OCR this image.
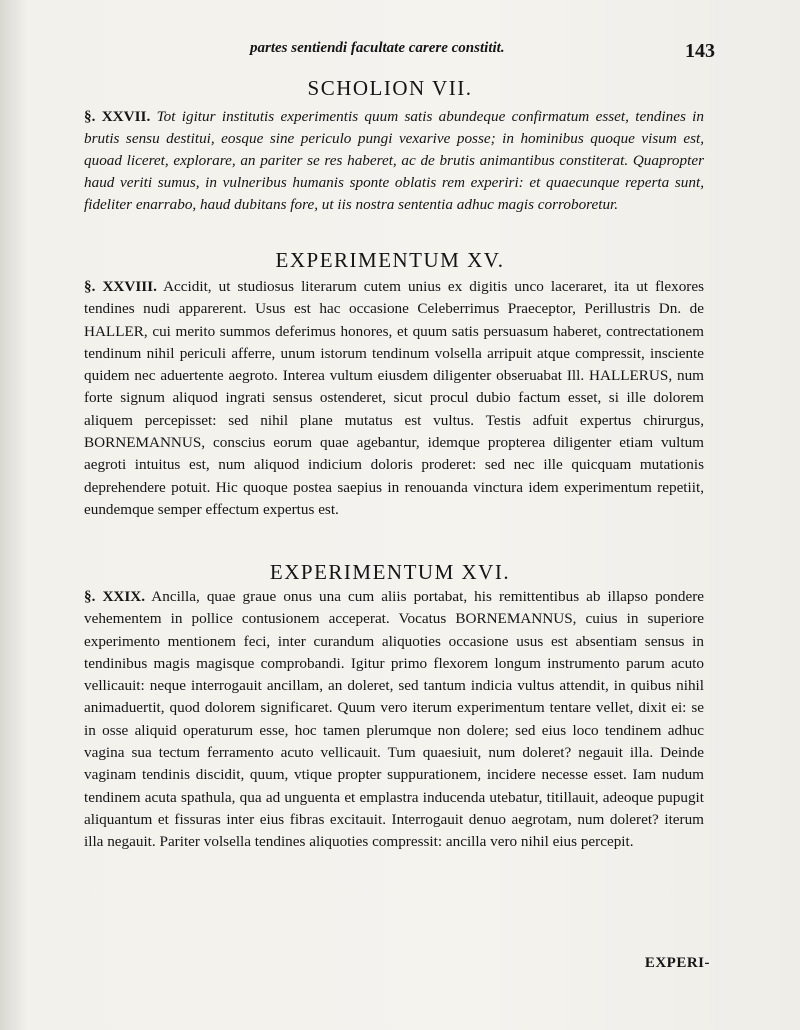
partes sentiendi facultate carere constitit.	143
SCHOLION VII.
§. XXVII. Tot igitur institutis experimentis quum satis abundeque confirmatum esset, tendines in brutis sensu destitui, eosque sine periculo pungi vexarive posse; in hominibus quoque visum est, quoad liceret, explorare, an pariter se res haberet, ac de brutis animantibus constiterat. Quapropter haud veriti sumus, in vulneribus humanis sponte oblatis rem experiri: et quaecunque reperta sunt, fideliter enarrabo, haud dubitans fore, ut iis nostra sententia adhuc magis corroboretur.
EXPERIMENTUM XV.
§. XXVIII. Accidit, ut studiosus literarum cutem unius ex digitis unco laceraret, ita ut flexores tendines nudi apparerent. Usus est hac occasione Celeberrimus Praeceptor, Perillustris Dn. de HALLER, cui merito summos deferimus honores, et quum satis persuasum haberet, contrectationem tendinum nihil periculi afferre, unum istorum tendinum volsella arripuit atque compressit, insciente quidem nec aduertente aegroto. Interea vultum eiusdem diligenter obseruabat Ill. HALLERUS, num forte signum aliquod ingrati sensus ostenderet, sicut procul dubio factum esset, si ille dolorem aliquem percepisset: sed nihil plane mutatus est vultus. Testis adfuit expertus chirurgus, BORNEMANNUS, conscius eorum quae agebantur, idemque propterea diligenter etiam vultum aegroti intuitus est, num aliquod indicium doloris proderet: sed nec ille quicquam mutationis deprehendere potuit. Hic quoque postea saepius in renouanda vinctura idem experimentum repetiit, eundemque semper effectum expertus est.
EXPERIMENTUM XVI.
§. XXIX. Ancilla, quae graue onus una cum aliis portabat, his remittentibus ab illapso pondere vehementem in pollice contusionem acceperat. Vocatus BORNEMANNUS, cuius in superiore experimento mentionem feci, inter curandum aliquoties occasione usus est absentiam sensus in tendinibus magis magisque comprobandi. Igitur primo flexorem longum instrumento parum acuto vellicauit: neque interrogauit ancillam, an doleret, sed tantum indicia vultus attendit, in quibus nihil animaduertit, quod dolorem significaret. Quum vero iterum experimentum tentare vellet, dixit ei: se in osse aliquid operaturum esse, hoc tamen plerumque non dolere; sed eius loco tendinem adhuc vagina sua tectum ferramento acuto vellicauit. Tum quaesiuit, num doleret? negauit illa. Deinde vaginam tendinis discidit, quum, vtique propter suppurationem, incidere necesse esset. Iam nudum tendinem acuta spathula, qua ad unguenta et emplastra inducenda utebatur, titillauit, adeoque pupugit aliquantum et fissuras inter eius fibras excitauit. Interrogauit denuo aegrotam, num doleret? iterum illa negauit. Pariter volsella tendines aliquoties compressit: ancilla vero nihil eius percepit.
EXPERI-
